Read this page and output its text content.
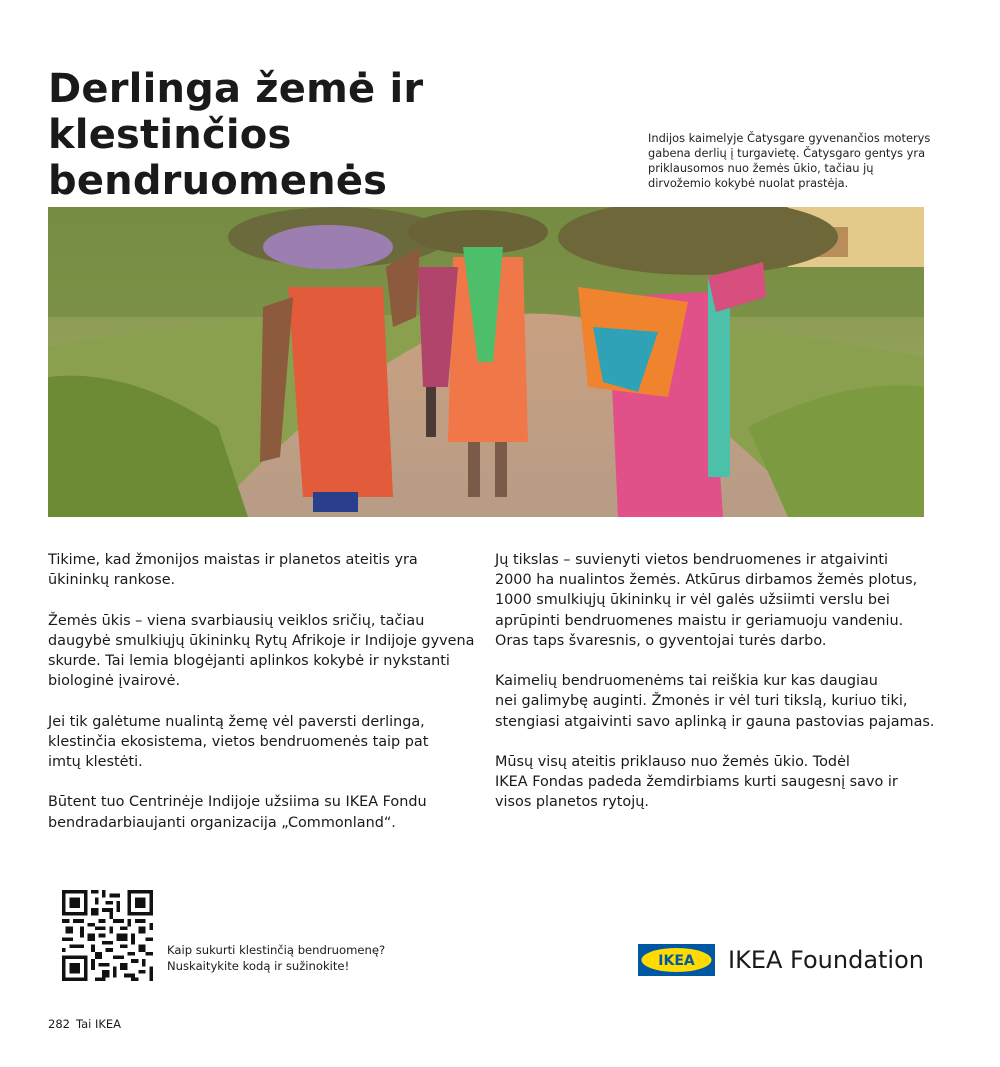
Derlinga žemė ir klestinčios
bendruomenės
Indijos kaimelyje Čatysgare gyvenančios moterys
gabena derlių į turgavietę. Čatysgaro gentys yra
priklausomos nuo žemės ūkio, tačiau jų
dirvožemio kokybė nuolat prastėja.

Tikime, kad žmonijos maistas ir planetos ateitis yra
ūkininkų rankose.

Žemės ūkis – viena svarbiausių veiklos sričių, tačiau
daugybė smulkiųjų ūkininkų Rytų Afrikoje ir Indijoje gyvena
skurde. Tai lemia blogėjanti aplinkos kokybė ir nykstanti
biologinė įvairovė.

Jei tik galėtume nualintą žemę vėl paversti derlinga,
klestinčia ekosistema, vietos bendruomenės taip pat
imtų klestėti.

Būtent tuo Centrinėje Indijoje užsiima su IKEA Fondu
bendradarbiaujanti organizacija „Commonland“.

Jų tikslas – suvienyti vietos bendruomenes ir atgaivinti
2000 ha nualintos žemės. Atkūrus dirbamos žemės plotus,
1000 smulkiųjų ūkininkų ir vėl galės užsiimti verslu bei
aprūpinti bendruomenes maistu ir geriamuoju vandeniu.
Oras taps švaresnis, o gyventojai turės darbo.

Kaimelių bendruomenėms tai reiškia kur kas daugiau
nei galimybę auginti. Žmonės ir vėl turi tikslą, kuriuo tiki,
stengiasi atgaivinti savo aplinką ir gauna pastovias pajamas.

Mūsų visų ateitis priklauso nuo žemės ūkio. Todėl
IKEA Fondas padeda žemdirbiams kurti saugesnį savo ir
visos planetos rytojų.

Kaip sukurti klestinčią bendruomenę?
Nuskaitykite kodą ir sužinokite!	IKEA IKEA Foundation
282 Tai IKEA
